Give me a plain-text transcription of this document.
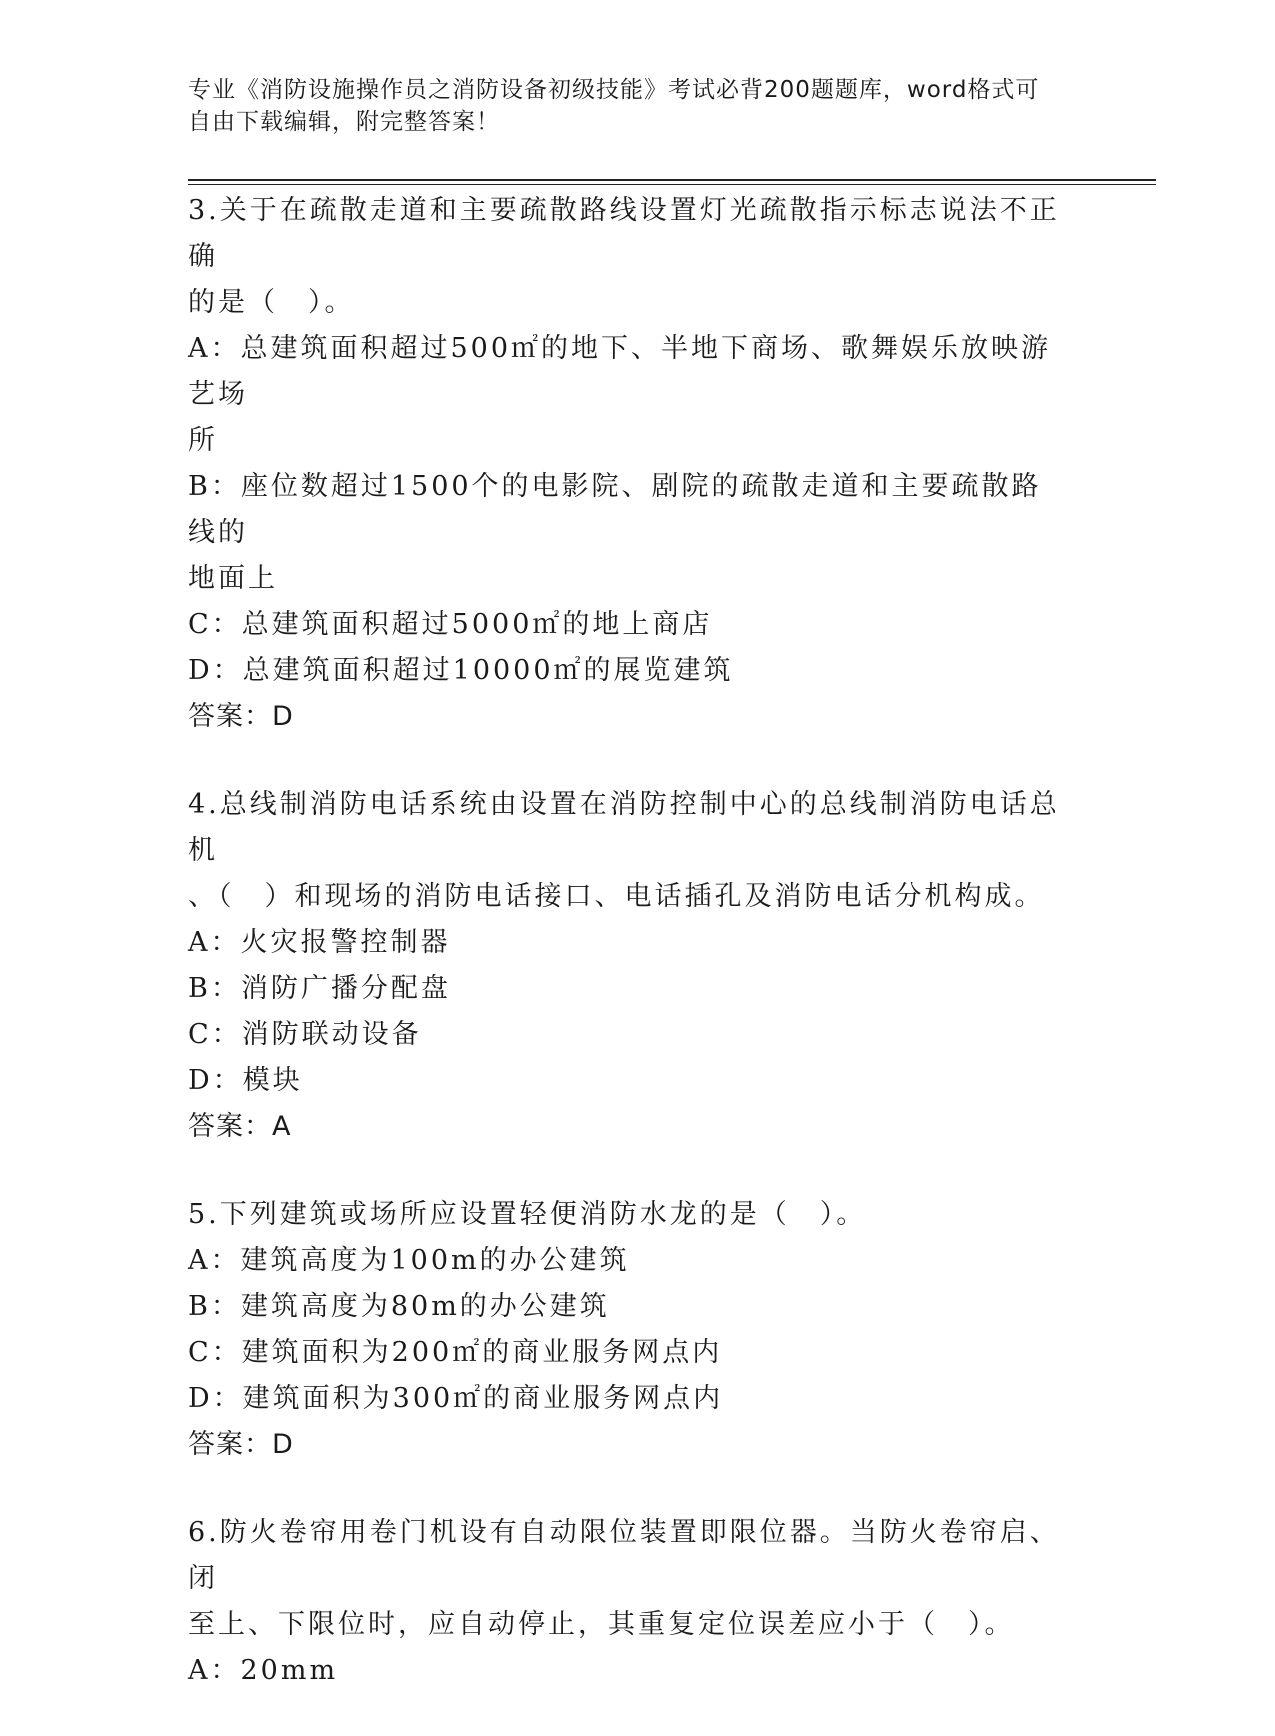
专业《消防设施操作员之消防设备初级技能》考试必背200题题库，word格式可
自由下载编辑，附完整答案！

3.关于在疏散走道和主要疏散路线设置灯光疏散指示标志说法不正确

的是（　）。

A：总建筑面积超过500㎡的地下、半地下商场、歌舞娱乐放映游艺场

所

B：座位数超过1500个的电影院、剧院的疏散走道和主要疏散路线的

地面上

C：总建筑面积超过5000㎡的地上商店

D：总建筑面积超过10000㎡的展览建筑

答案：D

4.总线制消防电话系统由设置在消防控制中心的总线制消防电话总机

、（　）和现场的消防电话接口、电话插孔及消防电话分机构成。

A：火灾报警控制器

B：消防广播分配盘

C：消防联动设备

D：模块

答案：A

5.下列建筑或场所应设置轻便消防水龙的是（　）。

A：建筑高度为100m的办公建筑

B：建筑高度为80m的办公建筑

C：建筑面积为200㎡的商业服务网点内

D：建筑面积为300㎡的商业服务网点内

答案：D

6.防火卷帘用卷门机设有自动限位装置即限位器。当防火卷帘启、闭

至上、下限位时，应自动停止，其重复定位误差应小于（　）。

A：20mm
